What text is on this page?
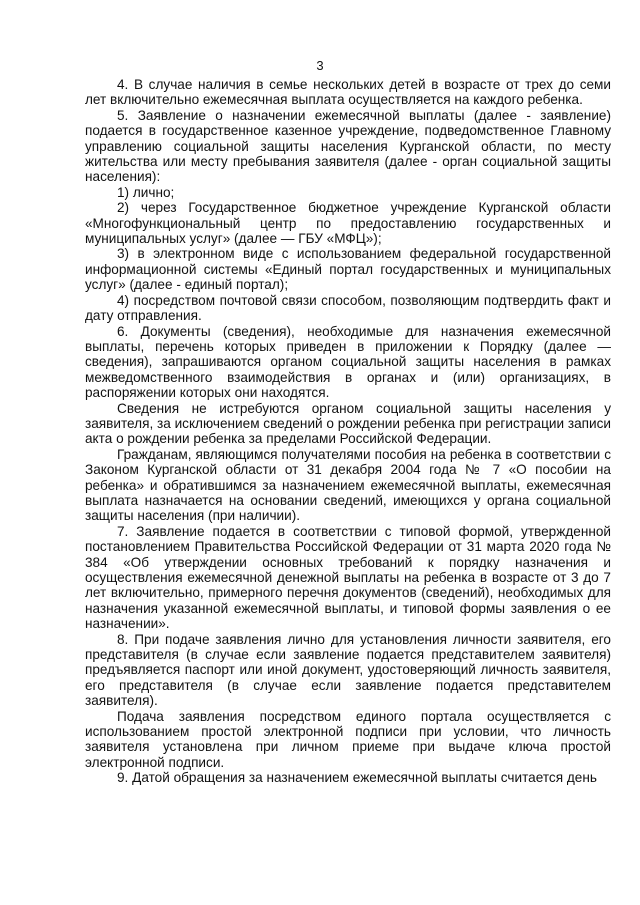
3

4. В случае наличия в семье нескольких детей в возрасте от трех до семи лет включительно ежемесячная выплата осуществляется на каждого ребенка.

5. Заявление о назначении ежемесячной выплаты (далее - заявление) подается в государственное казенное учреждение, подведомственное Главному управлению социальной защиты населения Курганской области, по месту жительства или месту пребывания заявителя (далее - орган социальной защиты населения):

1) лично;

2) через Государственное бюджетное учреждение Курганской области «Многофункциональный центр по предоставлению государственных и муниципальных услуг» (далее — ГБУ «МФЦ»);

3) в электронном виде с использованием федеральной государственной информационной системы «Единый портал государственных и муниципальных услуг» (далее - единый портал);

4) посредством почтовой связи способом, позволяющим подтвердить факт и дату отправления.

6. Документы (сведения), необходимые для назначения ежемесячной выплаты, перечень которых приведен в приложении к Порядку (далее — сведения), запрашиваются органом социальной защиты населения в рамках межведомственного взаимодействия в органах и (или) организациях, в распоряжении которых они находятся.

Сведения не истребуются органом социальной защиты населения у заявителя, за исключением сведений о рождении ребенка при регистрации записи акта о рождении ребенка за пределами Российской Федерации.

Гражданам, являющимся получателями пособия на ребенка в соответствии с Законом Курганской области от 31 декабря 2004 года № 7 «О пособии на ребенка» и обратившимся за назначением ежемесячной выплаты, ежемесячная выплата назначается на основании сведений, имеющихся у органа социальной защиты населения (при наличии).

7. Заявление подается в соответствии с типовой формой, утвержденной постановлением Правительства Российской Федерации от 31 марта 2020 года № 384 «Об утверждении основных требований к порядку назначения и осуществления ежемесячной денежной выплаты на ребенка в возрасте от 3 до 7 лет включительно, примерного перечня документов (сведений), необходимых для назначения указанной ежемесячной выплаты, и типовой формы заявления о ее назначении».

8. При подаче заявления лично для установления личности заявителя, его представителя (в случае если заявление подается представителем заявителя) предъявляется паспорт или иной документ, удостоверяющий личность заявителя, его представителя (в случае если заявление подается представителем заявителя).

Подача заявления посредством единого портала осуществляется с использованием простой электронной подписи при условии, что личность заявителя установлена при личном приеме при выдаче ключа простой электронной подписи.

9. Датой обращения за назначением ежемесячной выплаты считается день
